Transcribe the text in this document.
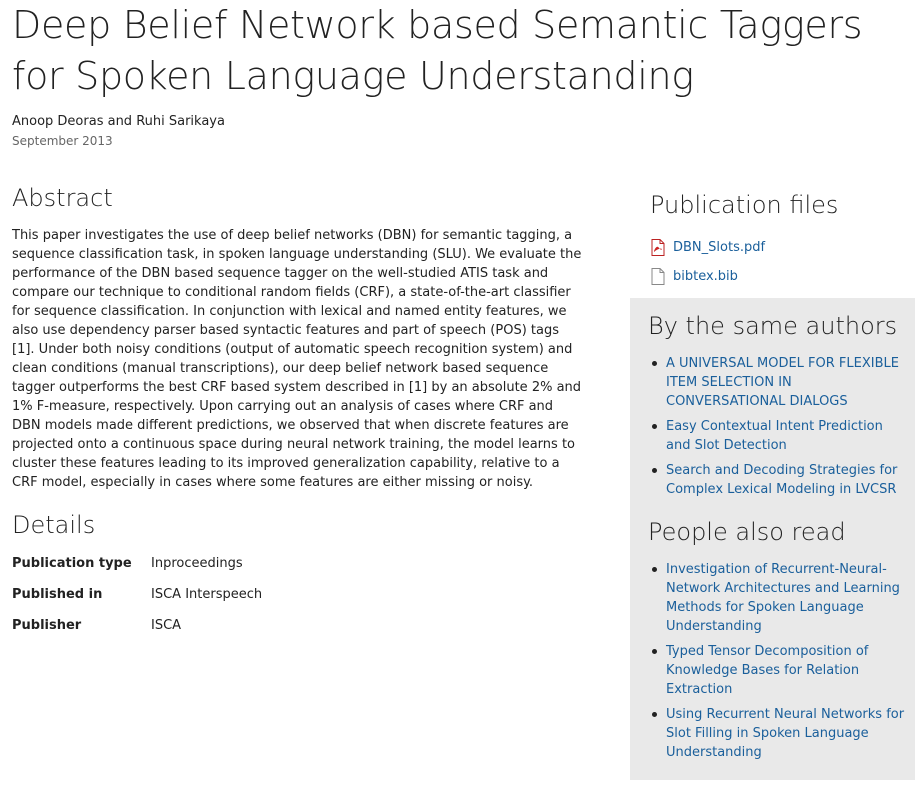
Deep Belief Network based Semantic Taggers for Spoken Language Understanding
Anoop Deoras and Ruhi Sarikaya
September 2013
Abstract

This paper investigates the use of deep belief networks (DBN) for semantic tagging, a sequence classification task, in spoken language understanding (SLU). We evaluate the performance of the DBN based sequence tagger on the well-studied ATIS task and compare our technique to conditional random fields (CRF), a state-of-the-art classifier for sequence classification. In conjunction with lexical and named entity features, we also use dependency parser based syntactic features and part of speech (POS) tags [1]. Under both noisy conditions (output of automatic speech recognition system) and clean conditions (manual transcriptions), our deep belief network based sequence tagger outperforms the best CRF based system described in [1] by an absolute 2% and 1% F-measure, respectively. Upon carrying out an analysis of cases where CRF and DBN models made different predictions, we observed that when discrete features are projected onto a continuous space during neural network training, the model learns to cluster these features leading to its improved generalization capability, relative to a CRF model, especially in cases where some features are either missing or noisy.

Details
Publication type	Inproceedings
Published in	ISCA Interspeech
Publisher	ISCA
Publication files
DBN_Slots.pdf
bibtex.bib
By the same authors
A UNIVERSAL MODEL FOR FLEXIBLE ITEM SELECTION IN CONVERSATIONAL DIALOGS
Easy Contextual Intent Prediction and Slot Detection
Search and Decoding Strategies for Complex Lexical Modeling in LVCSR
People also read
Investigation of Recurrent-Neural-Network Architectures and Learning Methods for Spoken Language Understanding
Typed Tensor Decomposition of Knowledge Bases for Relation Extraction
Using Recurrent Neural Networks for Slot Filling in Spoken Language Understanding
